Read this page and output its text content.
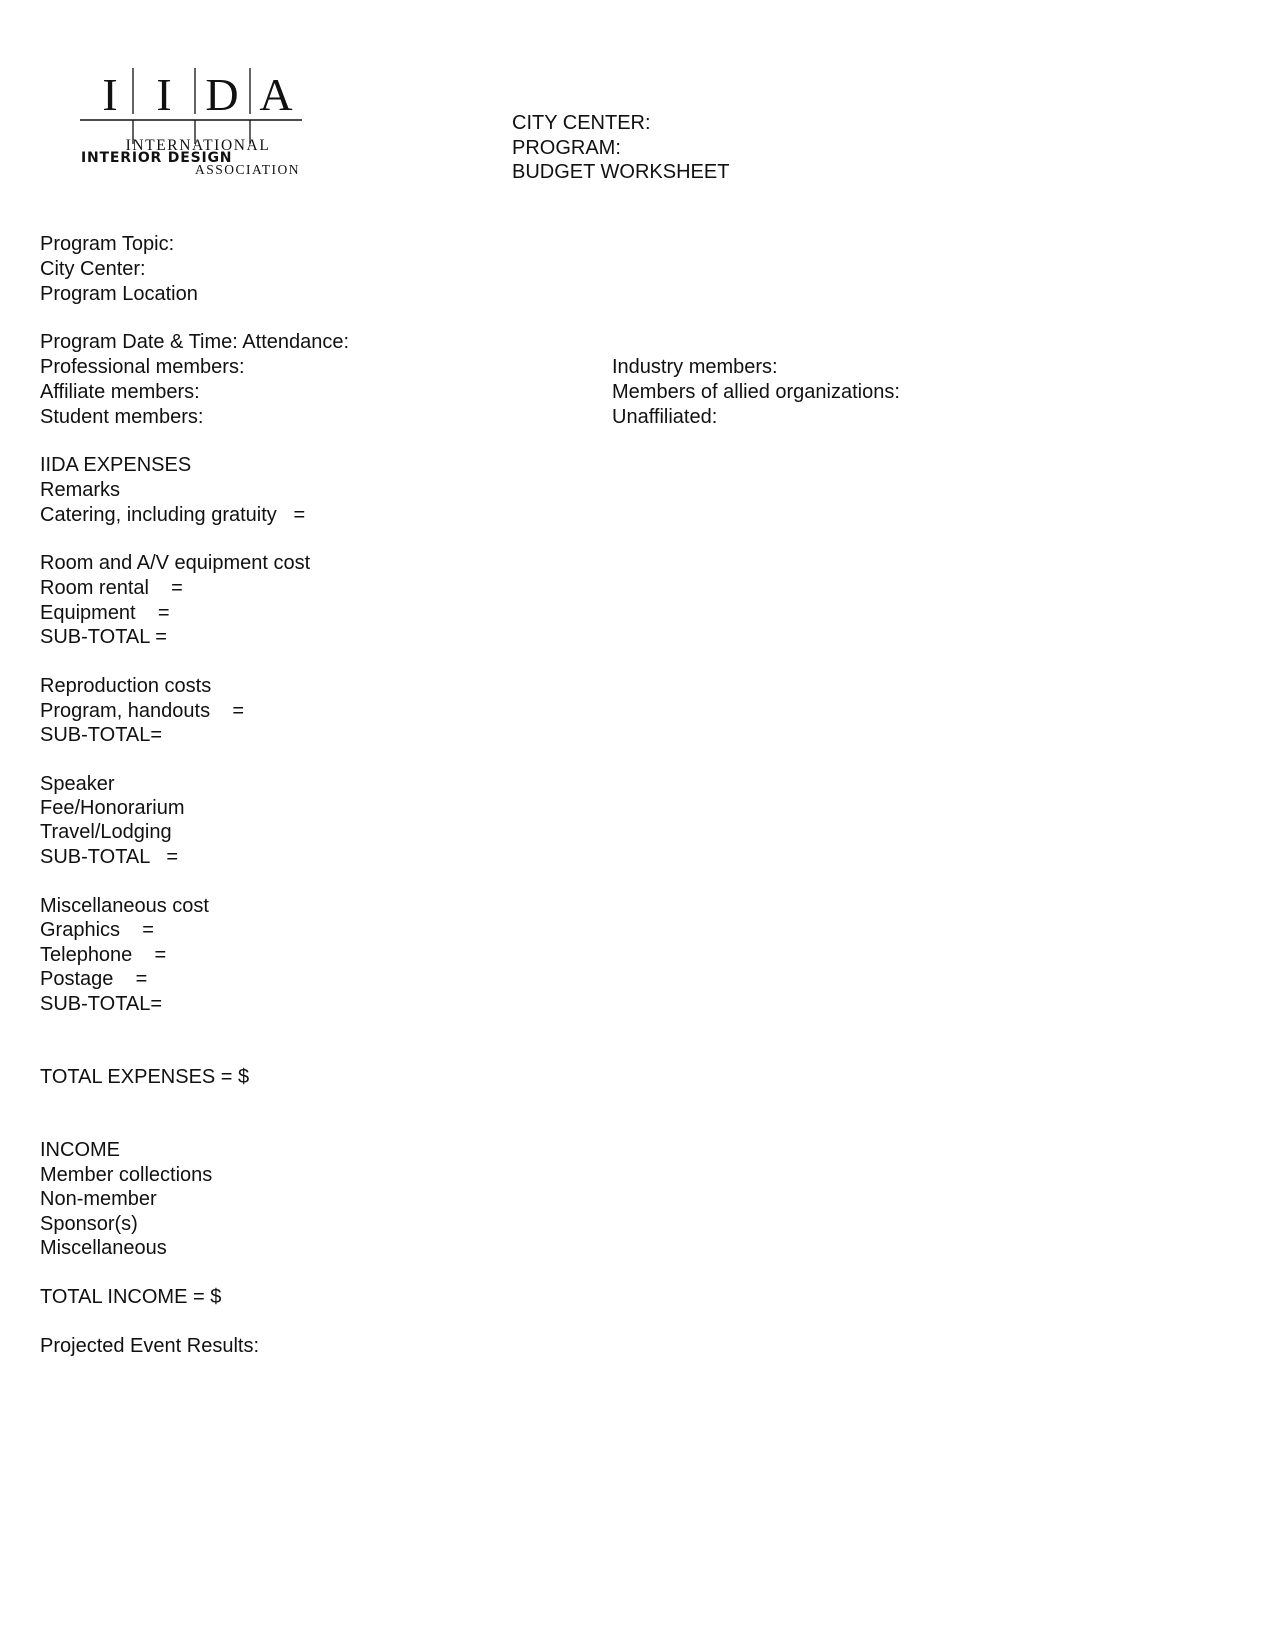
I I D A
INTERNATIONAL
INTERIOR DESIGN
ASSOCIATION
CITY CENTER:
PROGRAM:
BUDGET WORKSHEET
Program Topic:
City Center:
Program Location
Program Date & Time: Attendance:
Professional members:
Affiliate members:
Student members:
IIDA EXPENSES
Remarks
Catering, including gratuity   =
Room and A/V equipment cost
Room rental    =
Equipment    =
SUB-TOTAL =
Reproduction costs
Program, handouts    =
SUB-TOTAL=
Speaker
Fee/Honorarium
Travel/Lodging
SUB-TOTAL   =
Miscellaneous cost
Graphics    =
Telephone    =
Postage    =
SUB-TOTAL=
TOTAL EXPENSES = $
INCOME
Member collections
Non-member
Sponsor(s)
Miscellaneous
TOTAL INCOME = $
Projected Event Results:
Industry members:
Members of allied organizations:
Unaffiliated:
